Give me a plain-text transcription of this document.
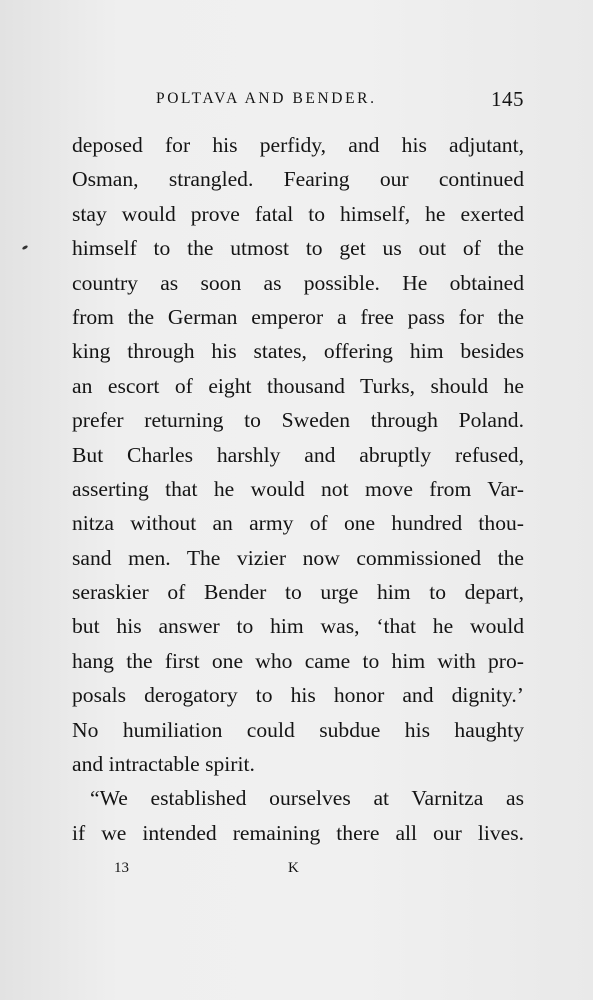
POLTAVA AND BENDER.	145
deposed for his perfidy, and his adjutant,
Osman, strangled. Fearing our continued
stay would prove fatal to himself, he exerted
himself to the utmost to get us out of the
country as soon as possible. He obtained
from the German emperor a free pass for the
king through his states, offering him besides
an escort of eight thousand Turks, should he
prefer returning to Sweden through Poland.
But Charles harshly and abruptly refused,
asserting that he would not move from Var-
nitza without an army of one hundred thou-
sand men. The vizier now commissioned the
seraskier of Bender to urge him to depart,
but his answer to him was, ‘that he would
hang the first one who came to him with pro-
posals derogatory to his honor and dignity.’
No humiliation could subdue his haughty
and intractable spirit.
“We established ourselves at Varnitza as
if we intended remaining there all our lives.
13	K
